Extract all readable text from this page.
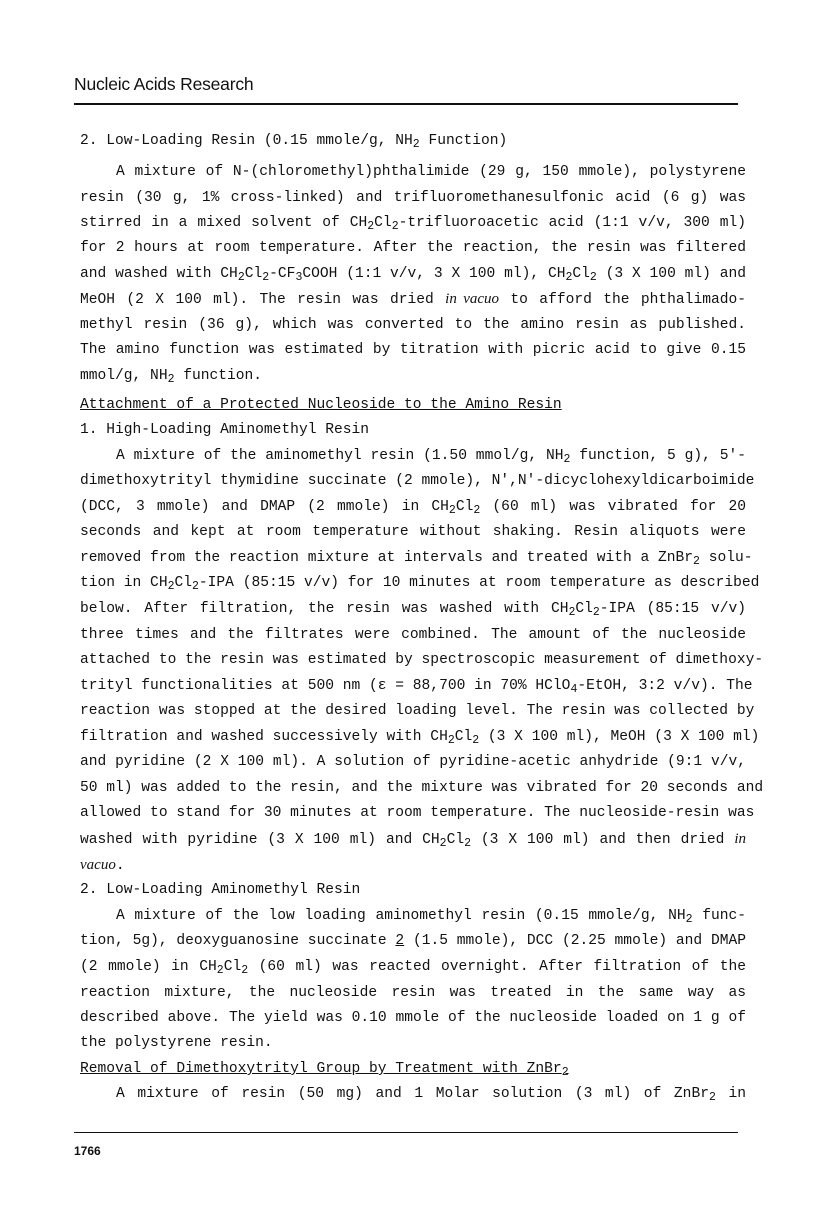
Nucleic Acids Research
2. Low-Loading Resin (0.15 mmole/g, $NH_2$ Function)
A mixture of N-(chloromethyl)phthalimide (29 g, 150 mmole), polystyrene
resin (30 g, 1% cross-linked) and trifluoromethanesulfonic acid (6 g) was
stirred in a mixed solvent of $CH_2Cl_2$-trifluoroacetic acid (1:1 v/v, 300 ml)
for 2 hours at room temperature. After the reaction, the resin was filtered
and washed with $CH_2Cl_2-CF_3COOH$ (1:1 v/v, 3 X 100 ml), $CH_2Cl_2$ (3 X 100 ml) and
MeOH (2 X 100 ml). The resin was dried in vacuo to afford the phthalimado-
methyl resin (36 g), which was converted to the amino resin as published.
The amino function was estimated by titration with picric acid to give 0.15
mmol/g, $NH_2$ function.
Attachment of a Protected Nucleoside to the Amino Resin
1. High-Loading Aminomethyl Resin
A mixture of the aminomethyl resin (1.50 mmol/g, $NH_2$ function, 5 g), 5'-
dimethoxytrityl thymidine succinate (2 mmole), N',N'-dicyclohexyldicarboimide
(DCC, 3 mmole) and DMAP (2 mmole) in $CH_2Cl_2$ (60 ml) was vibrated for 20
seconds and kept at room temperature without shaking. Resin aliquots were
removed from the reaction mixture at intervals and treated with a ZnBr$_2$ solu-
tion in $CH_2Cl_2$-IPA (85:15 v/v) for 10 minutes at room temperature as described
below. After filtration, the resin was washed with $CH_2Cl_2$-IPA (85:15 v/v)
three times and the filtrates were combined. The amount of the nucleoside
attached to the resin was estimated by spectroscopic measurement of dimethoxy-
trityl functionalities at 500 nm (ε = 88,700 in 70% HClO$_4$-EtOH, 3:2 v/v). The
reaction was stopped at the desired loading level. The resin was collected by
filtration and washed successively with $CH_2Cl_2$ (3 X 100 ml), MeOH (3 X 100 ml)
and pyridine (2 X 100 ml). A solution of pyridine-acetic anhydride (9:1 v/v,
50 ml) was added to the resin, and the mixture was vibrated for 20 seconds and
allowed to stand for 30 minutes at room temperature. The nucleoside-resin was
washed with pyridine (3 X 100 ml) and $CH_2Cl_2$ (3 X 100 ml) and then dried in
vacuo.
2. Low-Loading Aminomethyl Resin
A mixture of the low loading aminomethyl resin (0.15 mmole/g, $NH_2$ func-
tion, 5g), deoxyguanosine succinate 2 (1.5 mmole), DCC (2.25 mmole) and DMAP
(2 mmole) in $CH_2Cl_2$ (60 ml) was reacted overnight. After filtration of the
reaction mixture, the nucleoside resin was treated in the same way as
described above. The yield was 0.10 mmole of the nucleoside loaded on 1 g of
the polystyrene resin.
Removal of Dimethoxytrityl Group by Treatment with ZnBr$_2$
A mixture of resin (50 mg) and 1 Molar solution (3 ml) of ZnBr$_2$ in
1766
